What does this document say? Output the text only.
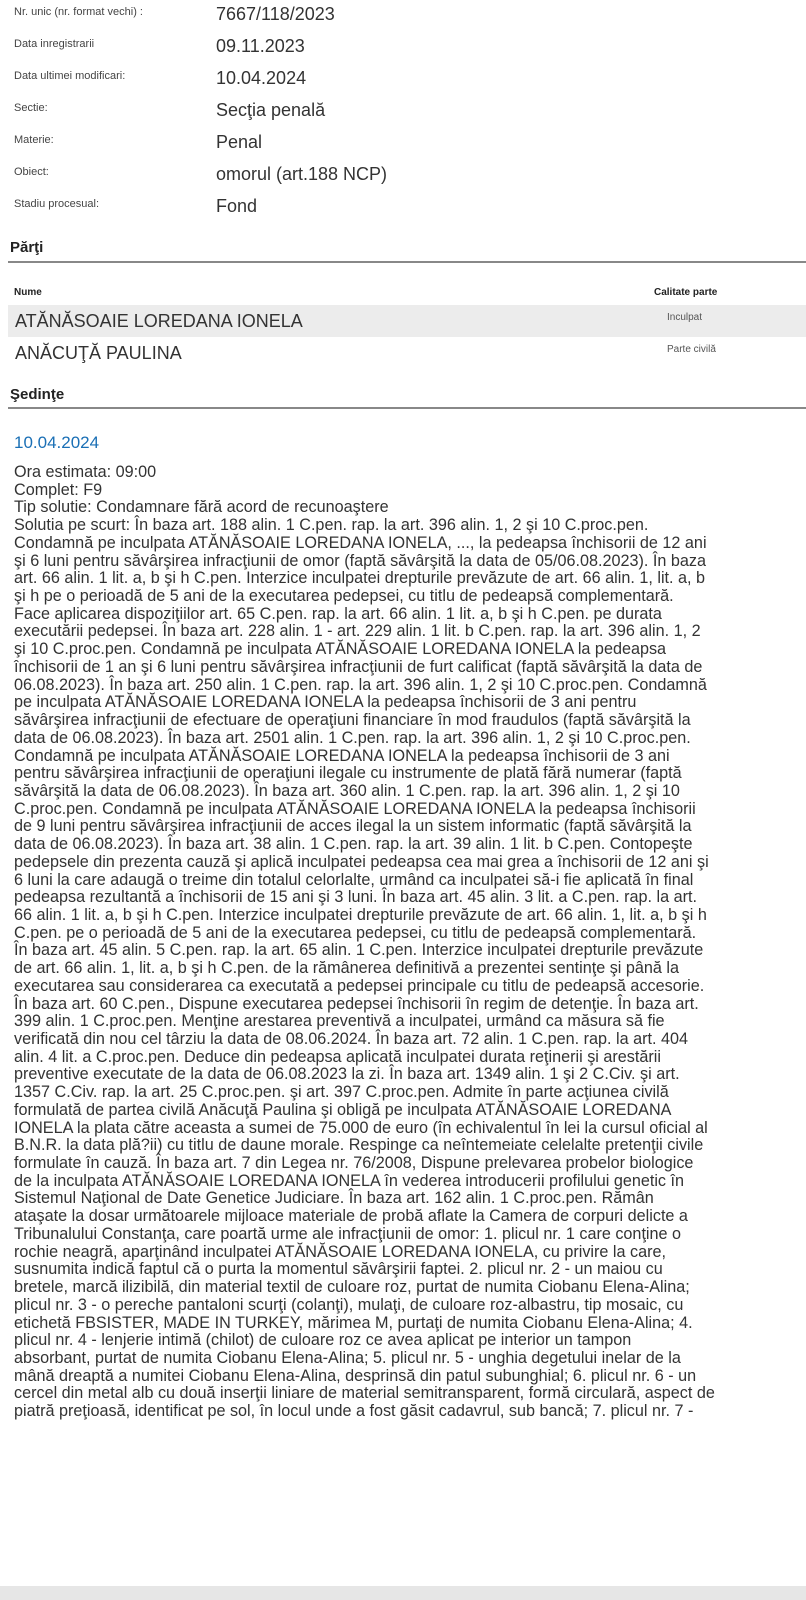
Nr. unic (nr. format vechi) :	7667/118/2023
Data inregistrarii	09.11.2023
Data ultimei modificari:	10.04.2024
Sectie:	Secţia penală
Materie:	Penal
Obiect:	omorul (art.188 NCP)
Stadiu procesual:	Fond
Părţi
Nume	Calitate parte
ATĂNĂSOAIE LOREDANA IONELA	Inculpat
ANĂCUŢĂ PAULINA	Parte civilă
Şedinţe
10.04.2024
Ora estimata: 09:00
Complet: F9
Tip solutie: Condamnare fără acord de recunoaştere
Solutia pe scurt: În baza art. 188 alin. 1 C.pen. rap. la art. 396 alin. 1, 2 şi 10 C.proc.pen.
Condamnă pe inculpata ATĂNĂSOAIE LOREDANA IONELA, ..., la pedeapsa închisorii de 12 ani
şi 6 luni pentru săvârşirea infracţiunii de omor (faptă săvârşită la data de 05/06.08.2023). În baza
art. 66 alin. 1 lit. a, b şi h C.pen. Interzice inculpatei drepturile prevăzute de art. 66 alin. 1, lit. a, b
şi h pe o perioadă de 5 ani de la executarea pedepsei, cu titlu de pedeapsă complementară.
Face aplicarea dispoziţiilor art. 65 C.pen. rap. la art. 66 alin. 1 lit. a, b şi h C.pen. pe durata
executării pedepsei. În baza art. 228 alin. 1 - art. 229 alin. 1 lit. b C.pen. rap. la art. 396 alin. 1, 2
şi 10 C.proc.pen. Condamnă pe inculpata ATĂNĂSOAIE LOREDANA IONELA la pedeapsa
închisorii de 1 an şi 6 luni pentru săvârşirea infracţiunii de furt calificat (faptă săvârşită la data de
06.08.2023). În baza art. 250 alin. 1 C.pen. rap. la art. 396 alin. 1, 2 şi 10 C.proc.pen. Condamnă
pe inculpata ATĂNĂSOAIE LOREDANA IONELA la pedeapsa închisorii de 3 ani pentru
săvârşirea infracţiunii de efectuare de operaţiuni financiare în mod fraudulos (faptă săvârşită la
data de 06.08.2023). În baza art. 2501 alin. 1 C.pen. rap. la art. 396 alin. 1, 2 şi 10 C.proc.pen.
Condamnă pe inculpata ATĂNĂSOAIE LOREDANA IONELA la pedeapsa închisorii de 3 ani
pentru săvârşirea infracţiunii de operaţiuni ilegale cu instrumente de plată fără numerar (faptă
săvârşită la data de 06.08.2023). În baza art. 360 alin. 1 C.pen. rap. la art. 396 alin. 1, 2 şi 10
C.proc.pen. Condamnă pe inculpata ATĂNĂSOAIE LOREDANA IONELA la pedeapsa închisorii
de 9 luni pentru săvârşirea infracţiunii de acces ilegal la un sistem informatic (faptă săvârşită la
data de 06.08.2023). În baza art. 38 alin. 1 C.pen. rap. la art. 39 alin. 1 lit. b C.pen. Contopeşte
pedepsele din prezenta cauză şi aplică inculpatei pedeapsa cea mai grea a închisorii de 12 ani şi
6 luni la care adaugă o treime din totalul celorlalte, urmând ca inculpatei să-i fie aplicată în final
pedeapsa rezultantă a închisorii de 15 ani şi 3 luni. În baza art. 45 alin. 3 lit. a C.pen. rap. la art.
66 alin. 1 lit. a, b şi h C.pen. Interzice inculpatei drepturile prevăzute de art. 66 alin. 1, lit. a, b şi h
C.pen. pe o perioadă de 5 ani de la executarea pedepsei, cu titlu de pedeapsă complementară.
În baza art. 45 alin. 5 C.pen. rap. la art. 65 alin. 1 C.pen. Interzice inculpatei drepturile prevăzute
de art. 66 alin. 1, lit. a, b şi h C.pen. de la rămânerea definitivă a prezentei sentinţe şi până la
executarea sau considerarea ca executată a pedepsei principale cu titlu de pedeapsă accesorie.
În baza art. 60 C.pen., Dispune executarea pedepsei închisorii în regim de detenţie. În baza art.
399 alin. 1 C.proc.pen. Menţine arestarea preventivă a inculpatei, urmând ca măsura să fie
verificată din nou cel târziu la data de 08.06.2024. În baza art. 72 alin. 1 C.pen. rap. la art. 404
alin. 4 lit. a C.proc.pen. Deduce din pedeapsa aplicată inculpatei durata reţinerii şi arestării
preventive executate de la data de 06.08.2023 la zi. În baza art. 1349 alin. 1 şi 2 C.Civ. şi art.
1357 C.Civ. rap. la art. 25 C.proc.pen. şi art. 397 C.proc.pen. Admite în parte acţiunea civilă
formulată de partea civilă Anăcuţă Paulina şi obligă pe inculpata ATĂNĂSOAIE LOREDANA
IONELA la plata către aceasta a sumei de 75.000 de euro (în echivalentul în lei la cursul oficial al
B.N.R. la data plă?ii) cu titlu de daune morale. Respinge ca neîntemeiate celelalte pretenţii civile
formulate în cauză. În baza art. 7 din Legea nr. 76/2008, Dispune prelevarea probelor biologice
de la inculpata ATĂNĂSOAIE LOREDANA IONELA în vederea introducerii profilului genetic în
Sistemul Naţional de Date Genetice Judiciare. În baza art. 162 alin. 1 C.proc.pen. Rămân
ataşate la dosar următoarele mijloace materiale de probă aflate la Camera de corpuri delicte a
Tribunalului Constanţa, care poartă urme ale infracţiunii de omor: 1. plicul nr. 1 care conţine o
rochie neagră, aparţinând inculpatei ATĂNĂSOAIE LOREDANA IONELA, cu privire la care,
susnumita indică faptul că o purta la momentul săvârşirii faptei. 2. plicul nr. 2 - un maiou cu
bretele, marcă ilizibilă, din material textil de culoare roz, purtat de numita Ciobanu Elena-Alina;
plicul nr. 3 - o pereche pantaloni scurţi (colanţi), mulaţi, de culoare roz-albastru, tip mosaic, cu
etichetă FBSISTER, MADE IN TURKEY, mărimea M, purtaţi de numita Ciobanu Elena-Alina; 4.
plicul nr. 4 - lenjerie intimă (chilot) de culoare roz ce avea aplicat pe interior un tampon
absorbant, purtat de numita Ciobanu Elena-Alina; 5. plicul nr. 5 - unghia degetului inelar de la
mână dreaptă a numitei Ciobanu Elena-Alina, desprinsă din patul subunghial; 6. plicul nr. 6 - un
cercel din metal alb cu două inserţii liniare de material semitransparent, formă circulară, aspect de
piatră preţioasă, identificat pe sol, în locul unde a fost găsit cadavrul, sub bancă; 7. plicul nr. 7 -
